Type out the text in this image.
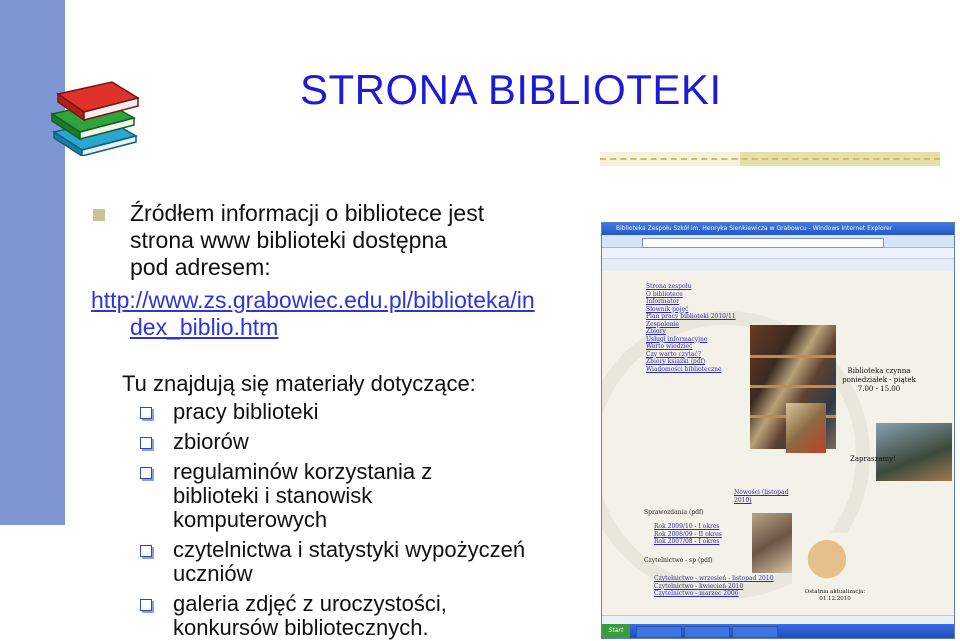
STRONA BIBLIOTEKI
Źródłem informacji o bibliotece jest
strona www biblioteki dostępna
pod adresem:
http://www.zs.grabowiec.edu.pl/biblioteka/in
dex_biblio.htm
Tu znajdują się materiały dotyczące:
pracy biblioteki
zbiorów
regulaminów korzystania z biblioteki i stanowisk komputerowych
czytelnictwa i statystyki wypożyczeń uczniów
galeria zdjęć z uroczystości, konkursów bibliotecznych.
Biblioteka Zespołu Szkół im. Henryka Sienkiewicza w Grabowcu - Windows Internet Explorer
Strona zespołu
O bibliotece
Informator
Słownik pojęć
Plan pracy biblioteki 2010/11
Zespolenie
Zbiory
Usługi informacyjne
Warto wiedzieć
Czy warto czytać?
Zbiory książki (pdf)
Wiadomości biblioteczne	Biblioteka czynna poniedziałek - piątek 7.00 - 15.00
Zapraszamy!
Nowości (listopad 2010)
Sprawozdania (pdf)
Rok 2009/10 - I okres
Rok 2008/09 - II okres
Rok 2007/08 - I okres
Czytelnictwo - sp (pdf)
Czytelnictwo - wrzesień - listopad 2010
Czytelnictwo - kwiecień 2010
Czytelnictwo - marzec 2006	Ostatnia aktualizacja: 01.12.2010
Start
